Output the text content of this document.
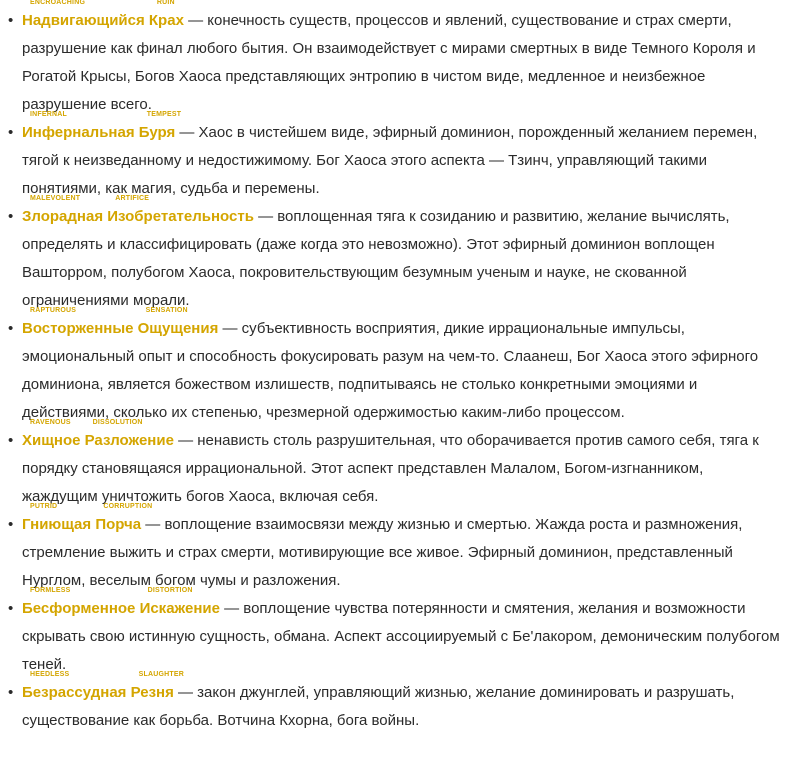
•
ENCROACHING
Надвигающийся
RUIN
Крах — конечность существ, процессов и явлений, существование и страх смерти, разрушение как финал любого бытия. Он взаимодействует с мирами смертных в виде Темного Короля и Рогатой Крысы, Богов Хаоса представляющих энтропию в чистом виде, медленное и неизбежное разрушение всего.
•
INFERNAL
Инфернальная
TEMPEST
Буря — Хаос в чистейшем виде, эфирный доминион, порожденный желанием перемен, тягой к неизведанному и недостижимому. Бог Хаоса этого аспекта — Тзинч, управляющий такими понятиями, как магия, судьба и перемены.
•
MALEVOLENT
Злорадная
ARTIFICE
Изобретательность — воплощенная тяга к созиданию и развитию, желание вычислять, определять и классифицировать (даже когда это невозможно). Этот эфирный доминион воплощен Вашторром, полубогом Хаоса, покровительствующим безумным ученым и науке, не скованной ограничениями морали.
•
RAPTUROUS
Восторженные
SENSATION
Ощущения — субъективность восприятия, дикие иррациональные импульсы, эмоциональный опыт и способность фокусировать разум на чем-то. Слаанеш, Бог Хаоса этого эфирного доминиона, является божеством излишеств, подпитываясь не столько конкретными эмоциями и действиями, сколько их степенью, чрезмерной одержимостью каким-либо процессом.
•
RAVENOUS
Хищное
DISSOLUTION
Разложение — ненависть столь разрушительная, что оборачивается против самого себя, тяга к порядку становящаяся иррациональной. Этот аспект представлен Малалом, Богом-изгнанником, жаждущим уничтожить богов Хаоса, включая себя.
•
PUTRID
Гниющая
CORRUPTION
Порча — воплощение взаимосвязи между жизнью и смертью. Жажда роста и размножения, стремление выжить и страх смерти, мотивирующие все живое. Эфирный доминион, представленный Нурглом, веселым богом чумы и разложения.
•
FORMLESS
Бесформенное
DISTORTION
Искажение — воплощение чувства потерянности и смятения, желания и возможности скрывать свою истинную сущность, обмана. Аспект ассоциируемый с Бе'лакором, демоническим полубогом теней.
•
HEEDLESS
Безрассудная
SLAUGHTER
Резня — закон джунглей, управляющий жизнью, желание доминировать и разрушать, существование как борьба. Вотчина Кхорна, бога войны.
